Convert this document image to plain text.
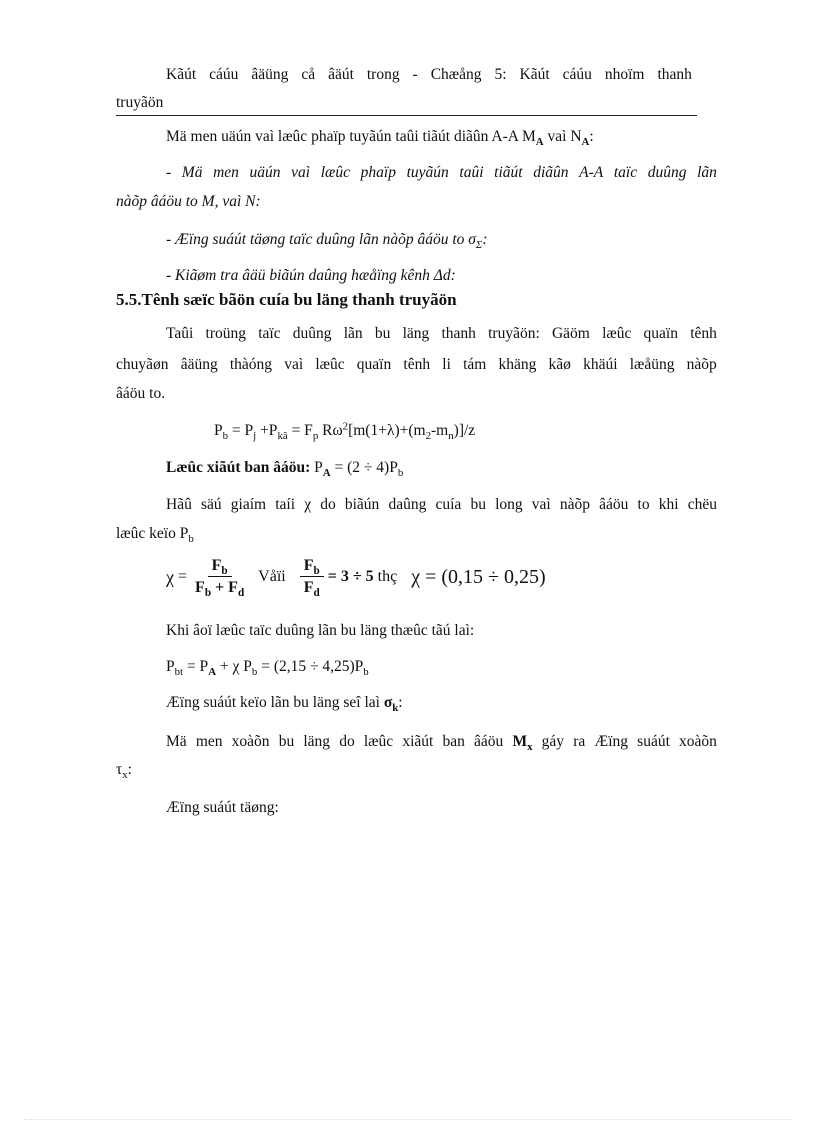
Kãút cáúu âäüng cå âäút trong - Chæång 5: Kãút cáúu nhoïm thanh
truyãön
Mä men uäún vaì læûc phaïp tuyãún taûi tiãút diãûn A-A $M_A$ vaì $N_A$:
- Mä men uäún vaì læûc phaïp tuyãún taûi tiãút diãûn A-A taïc duûng lãn
nàõp âáöu to M, vaì N:
- Æïng suáút täøng taïc duûng lãn nàõp âáöu to $\sigma_\Sigma$:
- Kiãøm tra âäü biãún daûng hæåïng kênh Δd:
5.5.Tênh sæïc bãön cuía bu läng thanh truyãön
Taûi troüng taïc duûng lãn bu läng thanh truyãön: Gäöm læûc quaïn tênh
chuyãøn âäüng thàóng vaì læûc quaïn tênh li tám khäng kãø khäúi læåüng nàõp
âáöu to.
$P_b = P_j +P_{kâ} = F_p$ $R\omega^2[m(1+\lambda)+(m_2-m_n)]/z$
Læûc xiãút ban âáöu: $P_A = (2 \div 4)P_b$
Hãû säú giaím taíi χ do biãún daûng cuía bu long vaì nàõp âáöu to khi chëu
læûc keïo $P_b$
$\chi = \frac{F_b}{F_b + F_d}$ Våïi $\frac{F_b}{F_d} = 3 \div 5$ thç χ = (0,15 ÷ 0,25)
Khi âoï læûc taïc duûng lãn bu läng thæûc tãú laì:
$P_{bt} = P_A + \chi$ $P_b = (2,15 \div 4,25)P_b$
Æïng suáút keïo lãn bu läng seî laì $\sigma_k$:
Mä men xoàõn bu läng do læûc xiãút ban âáöu $M_x$ gáy ra Æïng suáút xoàõn
$\tau_x$:
Æïng suáút täøng:
